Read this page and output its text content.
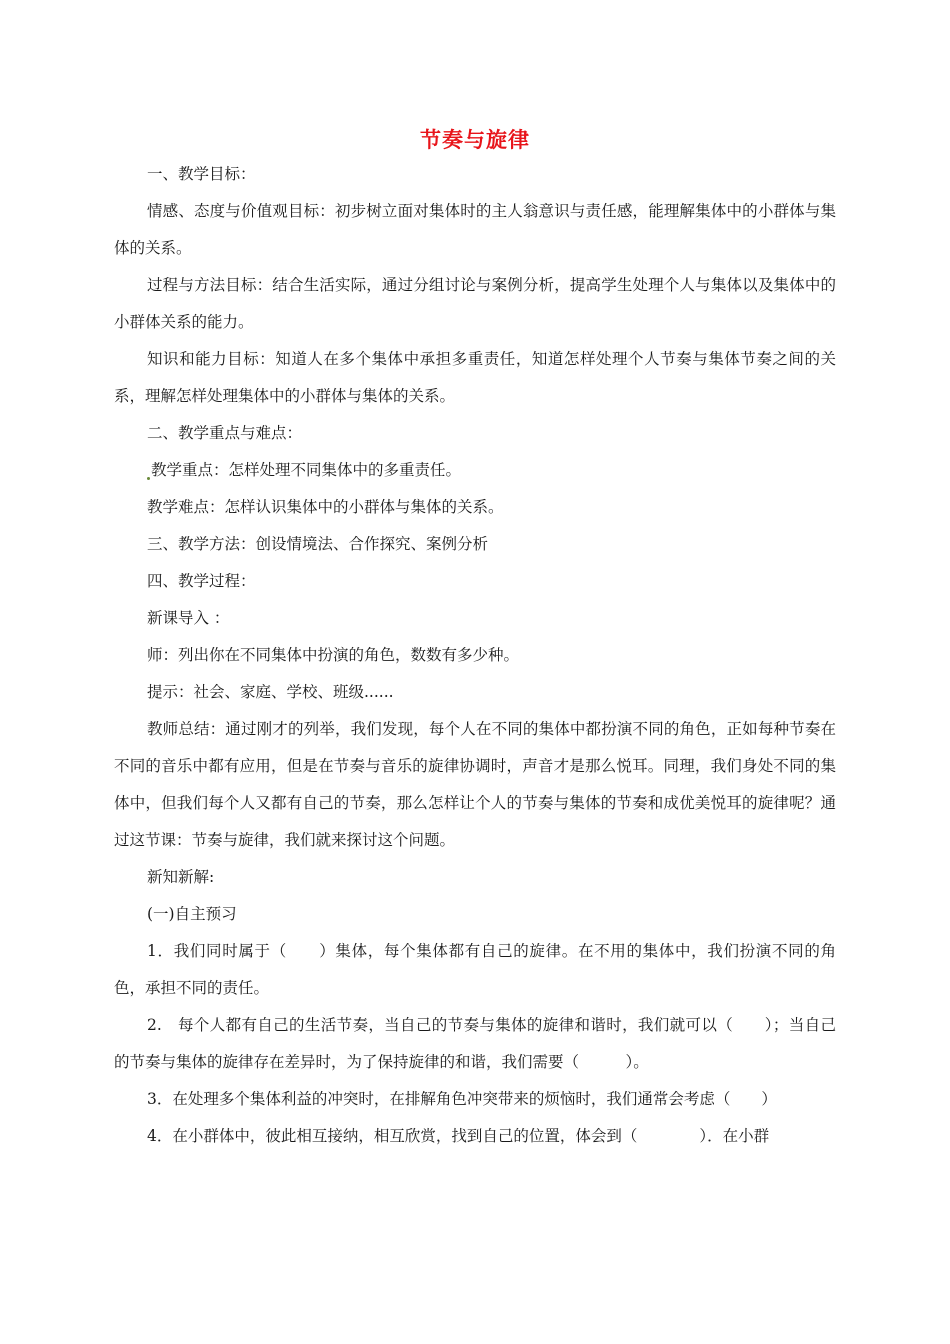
节奏与旋律

一、教学目标：

情感、态度与价值观目标：初步树立面对集体时的主人翁意识与责任感，能理解集体中的小群体与集体的关系。

过程与方法目标：结合生活实际，通过分组讨论与案例分析，提高学生处理个人与集体以及集体中的小群体关系的能力。

知识和能力目标：知道人在多个集体中承担多重责任，知道怎样处理个人节奏与集体节奏之间的关系，理解怎样处理集体中的小群体与集体的关系。

二、教学重点与难点：

教学重点：怎样处理不同集体中的多重责任。

教学难点：怎样认识集体中的小群体与集体的关系。

三、教学方法：创设情境法、合作探究、案例分析

四、教学过程：

新课导入 ：

师：列出你在不同集体中扮演的角色，数数有多少种。

提示：社会、家庭、学校、班级......

教师总结：通过刚才的列举，我们发现，每个人在不同的集体中都扮演不同的角色，正如每种节奏在不同的音乐中都有应用，但是在节奏与音乐的旋律协调时，声音才是那么悦耳。同理，我们身处不同的集体中，但我们每个人又都有自己的节奏，那么怎样让个人的节奏与集体的节奏和成优美悦耳的旋律呢？通过这节课：节奏与旋律，我们就来探讨这个问题。

新知新解:

(一)自主预习

1．我们同时属于（　　）集体，每个集体都有自己的旋律。在不用的集体中，我们扮演不同的角色，承担不同的责任。

2.　每个人都有自己的生活节奏，当自己的节奏与集体的旋律和谐时，我们就可以（　　）；当自己的节奏与集体的旋律存在差异时，为了保持旋律的和谐，我们需要（　　　）。

3．在处理多个集体利益的冲突时，在排解角色冲突带来的烦恼时，我们通常会考虑（　　）

4．在小群体中，彼此相互接纳，相互欣赏，找到自己的位置，体会到（　　　　）．在小群
